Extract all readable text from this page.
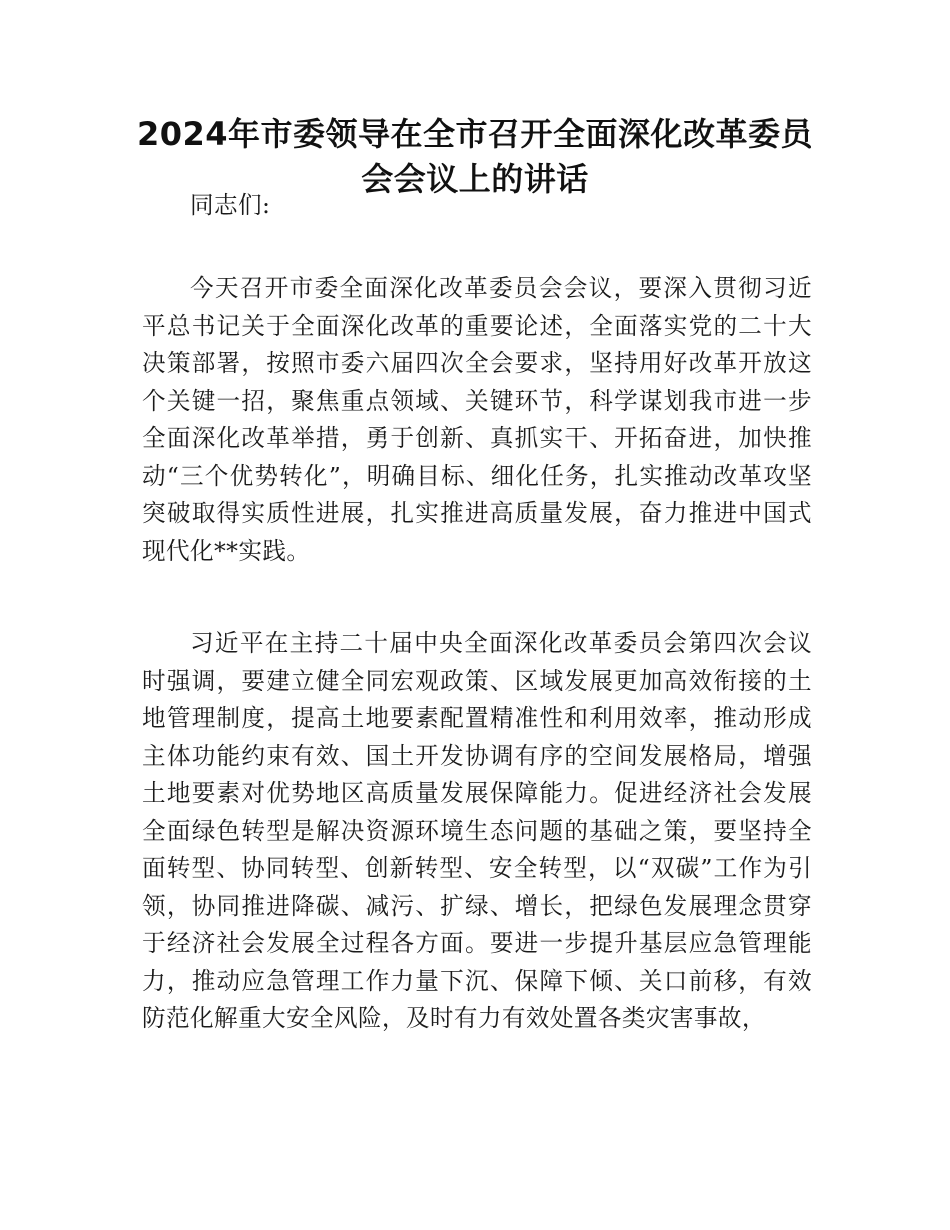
2024年市委领导在全市召开全面深化改革委员会会议上的讲话

同志们:

今天召开市委全面深化改革委员会会议，要深入贯彻习近平总书记关于全面深化改革的重要论述，全面落实党的二十大决策部署，按照市委六届四次全会要求，坚持用好改革开放这个关键一招，聚焦重点领域、关键环节，科学谋划我市进一步全面深化改革举措，勇于创新、真抓实干、开拓奋进，加快推动“三个优势转化”，明确目标、细化任务，扎实推动改革攻坚突破取得实质性进展，扎实推进高质量发展，奋力推进中国式现代化**实践。

习近平在主持二十届中央全面深化改革委员会第四次会议时强调，要建立健全同宏观政策、区域发展更加高效衔接的土地管理制度，提高土地要素配置精准性和利用效率，推动形成主体功能约束有效、国土开发协调有序的空间发展格局，增强土地要素对优势地区高质量发展保障能力。促进经济社会发展全面绿色转型是解决资源环境生态问题的基础之策，要坚持全面转型、协同转型、创新转型、安全转型，以“双碳”工作为引领，协同推进降碳、减污、扩绿、增长，把绿色发展理念贯穿于经济社会发展全过程各方面。要进一步提升基层应急管理能力，推动应急管理工作力量下沉、保障下倾、关口前移，有效防范化解重大安全风险，及时有力有效处置各类灾害事故，
